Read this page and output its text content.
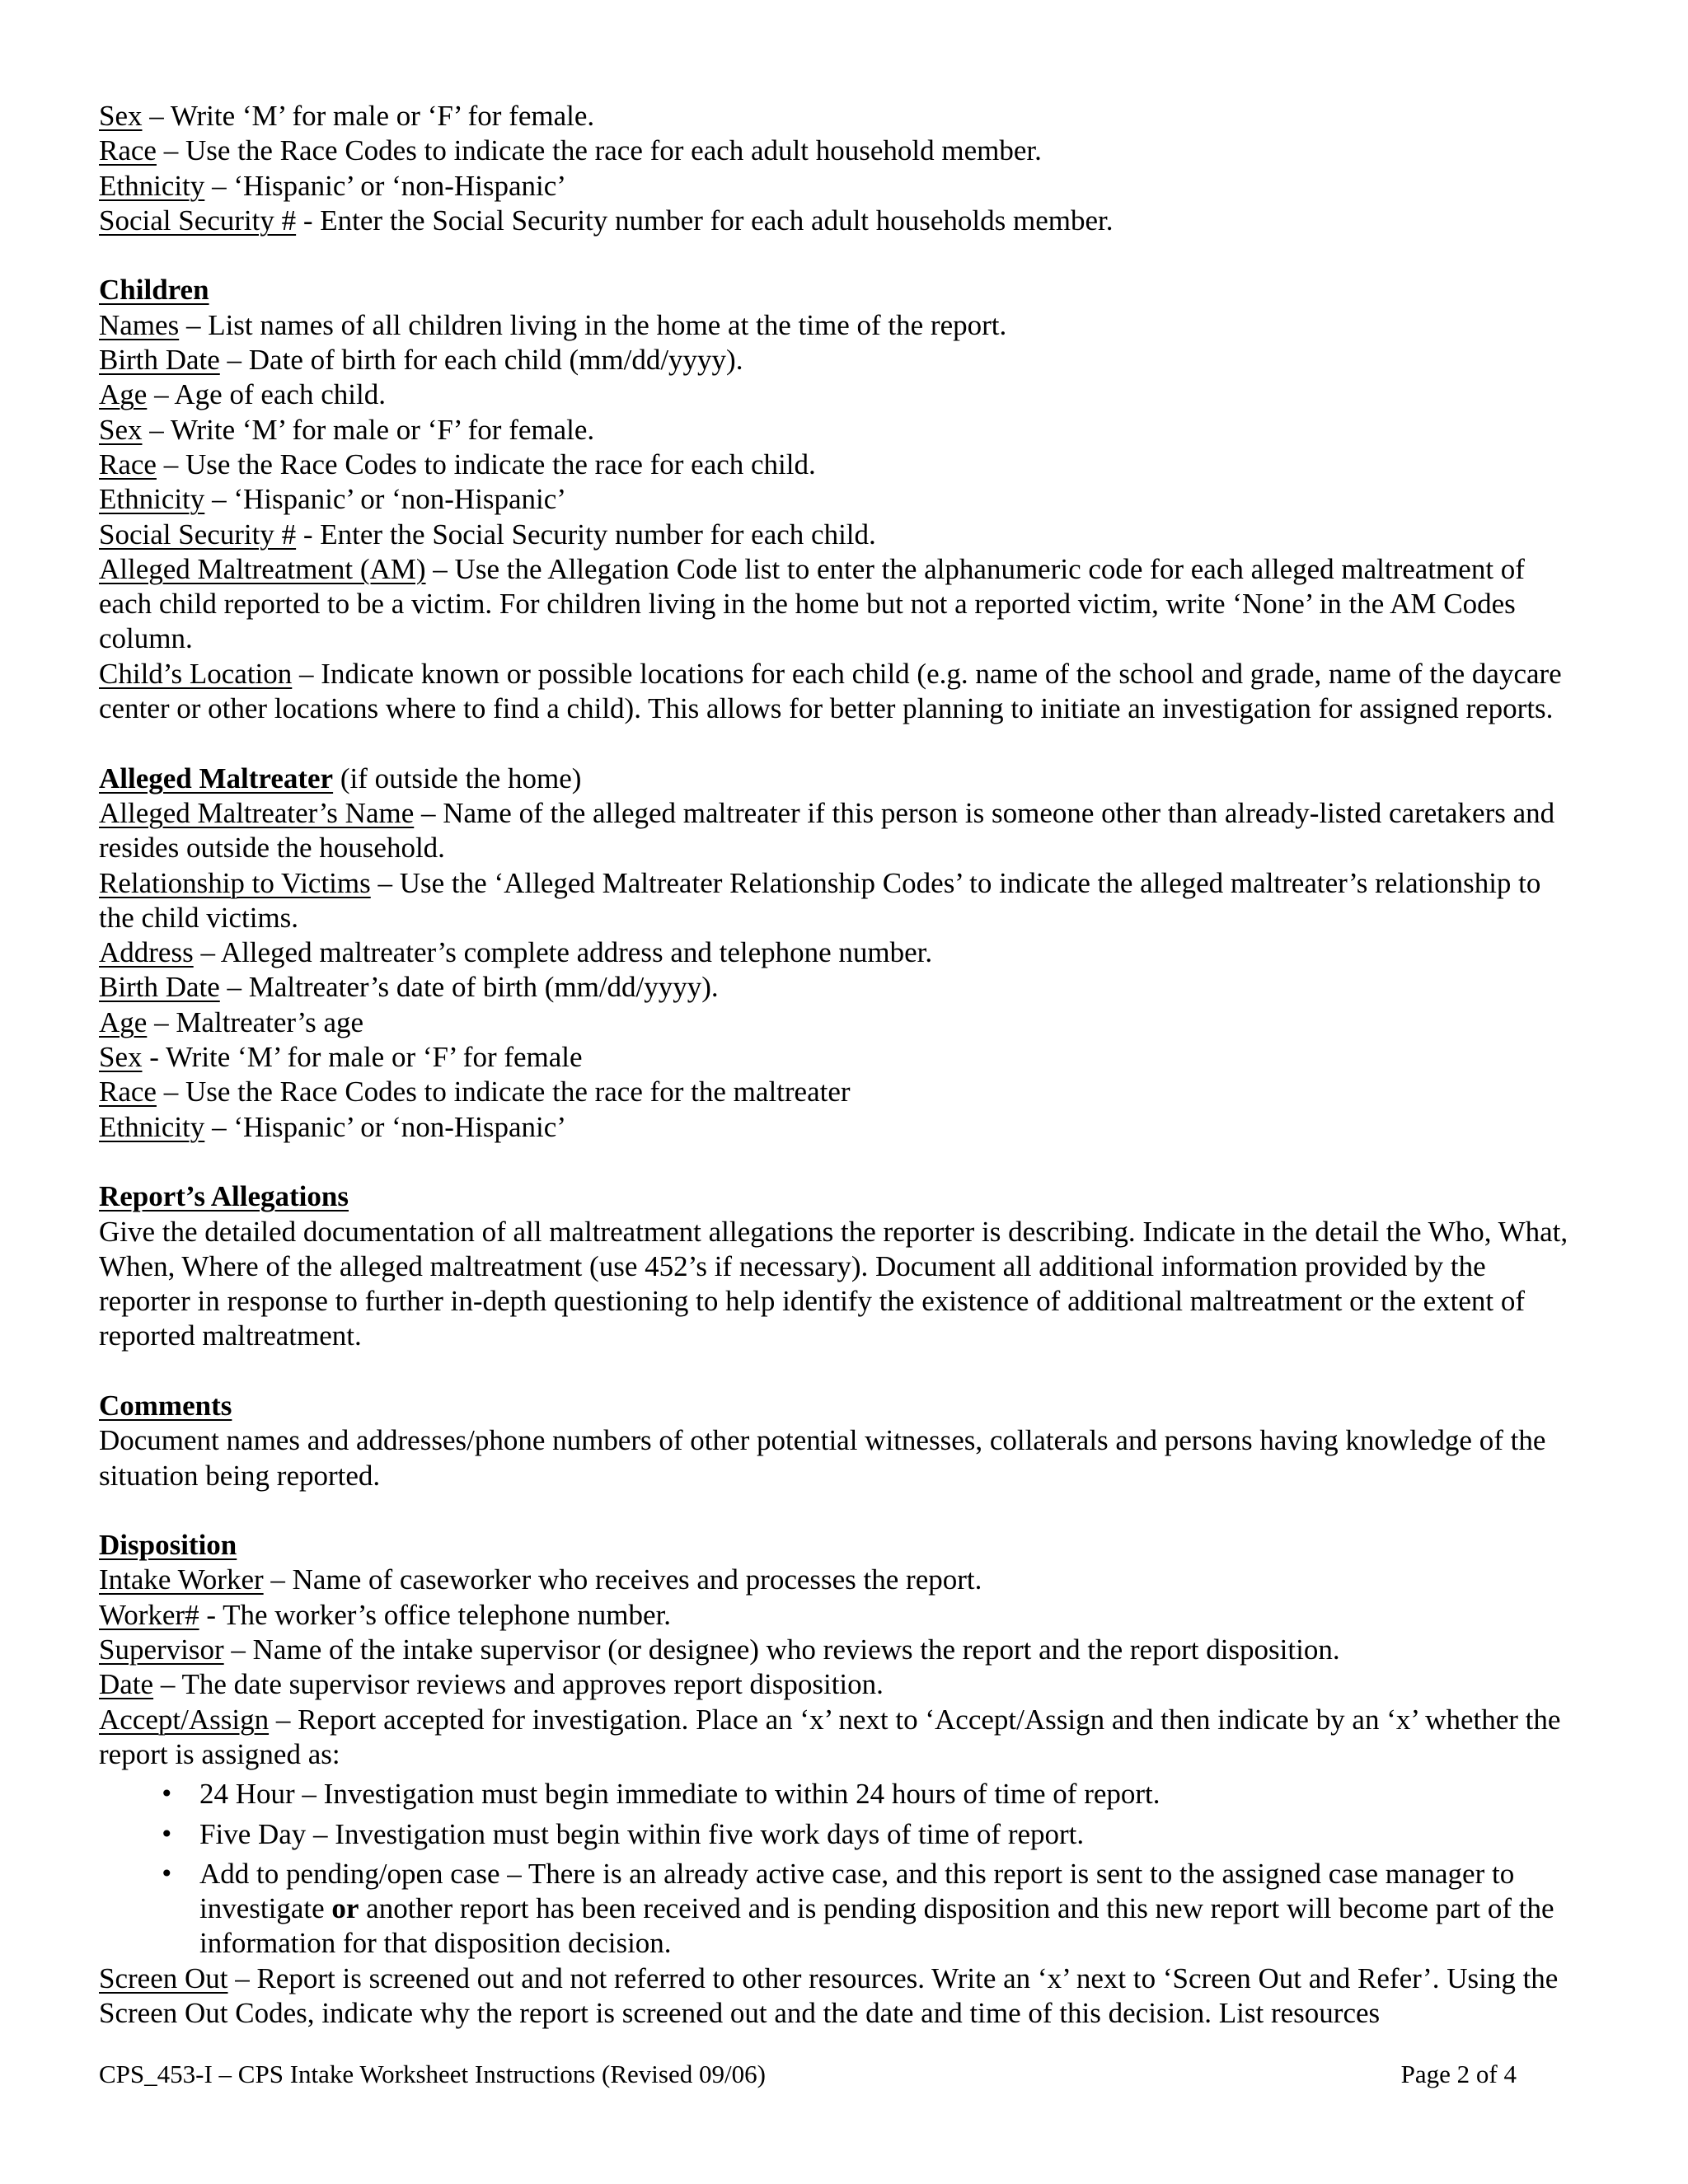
Sex – Write ‘M’ for male or ‘F’ for female.
Race – Use the Race Codes to indicate the race for each adult household member.
Ethnicity – ‘Hispanic’ or ‘non-Hispanic’
Social Security # - Enter the Social Security number for each adult households member.
Children
Names – List names of all children living in the home at the time of the report.
Birth Date – Date of birth for each child (mm/dd/yyyy).
Age – Age of each child.
Sex – Write ‘M’ for male or ‘F’ for female.
Race – Use the Race Codes to indicate the race for each child.
Ethnicity – ‘Hispanic’ or ‘non-Hispanic’
Social Security # - Enter the Social Security number for each child.
Alleged Maltreatment (AM) – Use the Allegation Code list to enter the alphanumeric code for each alleged maltreatment of each child reported to be a victim. For children living in the home but not a reported victim, write ‘None’ in the AM Codes column.
Child’s Location – Indicate known or possible locations for each child (e.g. name of the school and grade, name of the daycare center or other locations where to find a child). This allows for better planning to initiate an investigation for assigned reports.
Alleged Maltreater (if outside the home)
Alleged Maltreater’s Name – Name of the alleged maltreater if this person is someone other than already-listed caretakers and resides outside the household.
Relationship to Victims – Use the ‘Alleged Maltreater Relationship Codes’ to indicate the alleged maltreater’s relationship to the child victims.
Address – Alleged maltreater’s complete address and telephone number.
Birth Date – Maltreater’s date of birth (mm/dd/yyyy).
Age – Maltreater’s age
Sex - Write ‘M’ for male or ‘F’ for female
Race – Use the Race Codes to indicate the race for the maltreater
Ethnicity – ‘Hispanic’ or ‘non-Hispanic’
Report’s Allegations
Give the detailed documentation of all maltreatment allegations the reporter is describing. Indicate in the detail the Who, What, When, Where of the alleged maltreatment (use 452’s if necessary). Document all additional information provided by the reporter in response to further in-depth questioning to help identify the existence of additional maltreatment or the extent of reported maltreatment.
Comments
Document names and addresses/phone numbers of other potential witnesses, collaterals and persons having knowledge of the situation being reported.
Disposition
Intake Worker – Name of caseworker who receives and processes the report.
Worker# - The worker’s office telephone number.
Supervisor – Name of the intake supervisor (or designee) who reviews the report and the report disposition.
Date – The date supervisor reviews and approves report disposition.
Accept/Assign – Report accepted for investigation. Place an ‘x’ next to ‘Accept/Assign and then indicate by an ‘x’ whether the report is assigned as:
• 24 Hour – Investigation must begin immediate to within 24 hours of time of report.
• Five Day – Investigation must begin within five work days of time of report.
• Add to pending/open case – There is an already active case, and this report is sent to the assigned case manager to investigate or another report has been received and is pending disposition and this new report will become part of the information for that disposition decision.
Screen Out – Report is screened out and not referred to other resources. Write an ‘x’ next to ‘Screen Out and Refer’. Using the Screen Out Codes, indicate why the report is screened out and the date and time of this decision. List resources
CPS_453-I – CPS Intake Worksheet Instructions (Revised 09/06)	Page 2 of 4
